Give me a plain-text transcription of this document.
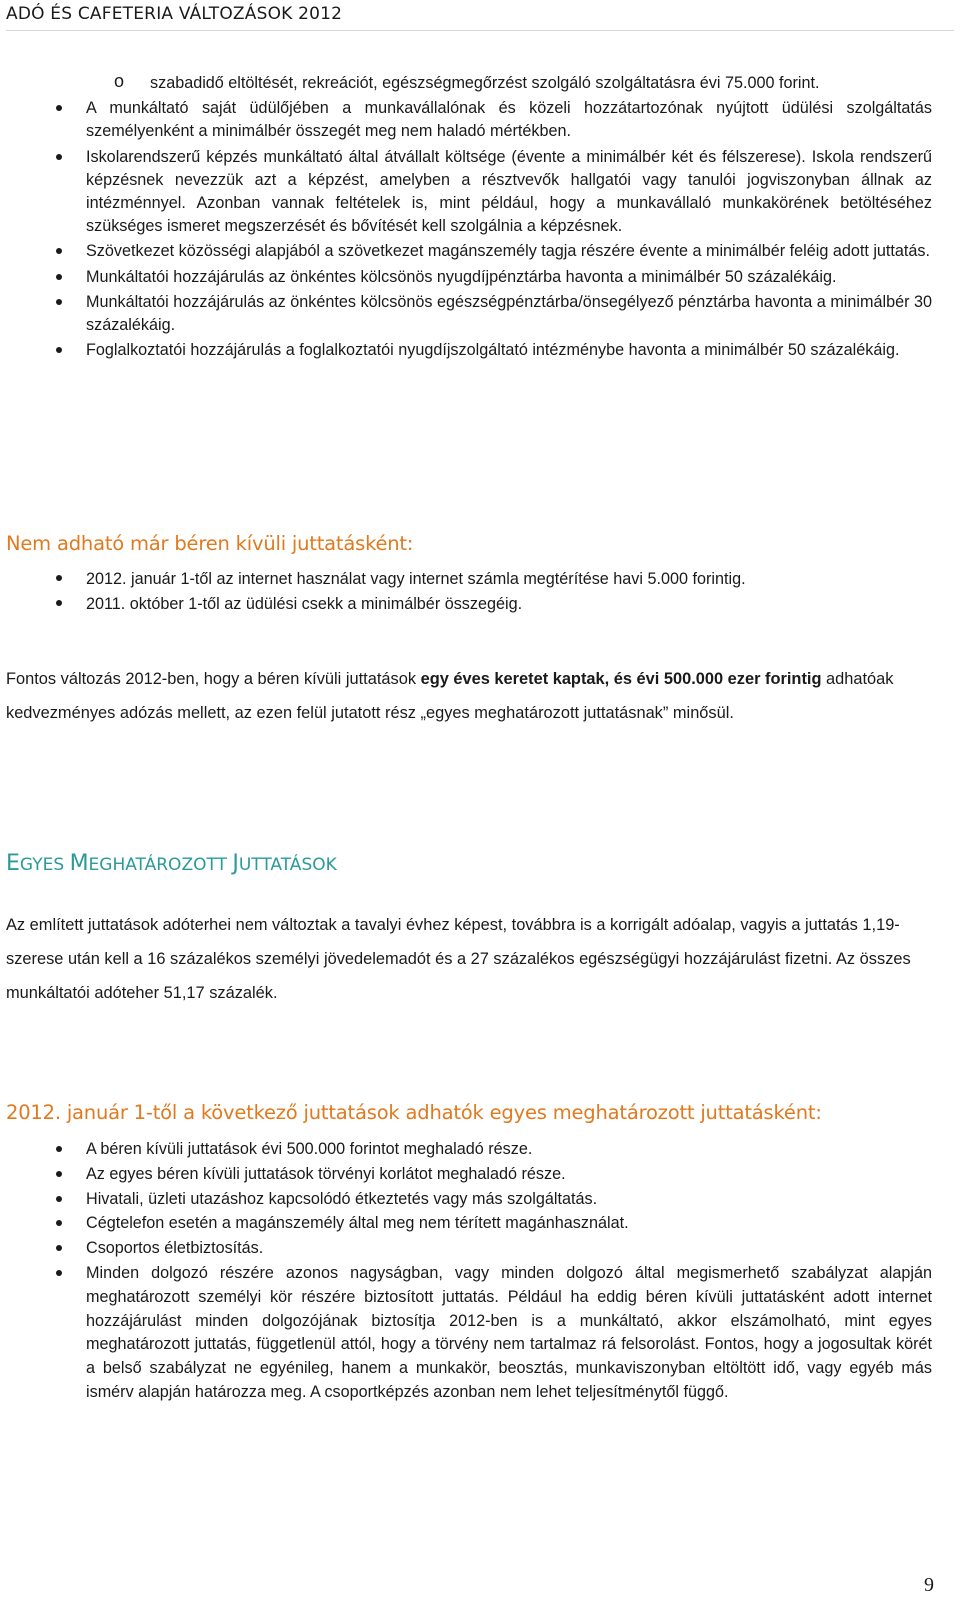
ADÓ ÉS CAFETERIA VÁLTOZÁSOK 2012
o szabadidő eltöltését, rekreációt, egészségmegőrzést szolgáló szolgáltatásra évi 75.000 forint.
A munkáltató saját üdülőjében a munkavállalónak és közeli hozzátartozónak nyújtott üdülési szolgáltatás személyenként a minimálbér összegét meg nem haladó mértékben.
Iskolarendszerű képzés munkáltató által átvállalt költsége (évente a minimálbér két és félszerese). Iskola rendszerű képzésnek nevezzük azt a képzést, amelyben a résztvevők hallgatói vagy tanulói jogviszonyban állnak az intézménnyel. Azonban vannak feltételek is, mint például, hogy a munkavállaló munkakörének betöltéséhez szükséges ismeret megszerzését és bővítését kell szolgálnia a képzésnek.
Szövetkezet közösségi alapjából a szövetkezet magánszemély tagja részére évente a minimálbér feléig adott juttatás.
Munkáltatói hozzájárulás az önkéntes kölcsönös nyugdíjpénztárba havonta a minimálbér 50 százalékáig.
Munkáltatói hozzájárulás az önkéntes kölcsönös egészségpénztárba/önsegélyező pénztárba havonta a minimálbér 30 százalékáig.
Foglalkoztatói hozzájárulás a foglalkoztatói nyugdíjszolgáltató intézménybe havonta a minimálbér 50 százalékáig.
Nem adható már béren kívüli juttatásként:
2012. január 1-től az internet használat vagy internet számla megtérítése havi 5.000 forintig.
2011. október 1-től az üdülési csekk a minimálbér összegéig.
Fontos változás 2012-ben, hogy a béren kívüli juttatások egy éves keretet kaptak, és évi 500.000 ezer forintig adhatóak kedvezményes adózás mellett, az ezen felül jutatott rész „egyes meghatározott juttatásnak” minősül.
EGYES MEGHATÁROZOTT JUTTATÁSOK
Az említett juttatások adóterhei nem változtak a tavalyi évhez képest, továbbra is a korrigált adóalap, vagyis a juttatás 1,19-szerese után kell a 16 százalékos személyi jövedelemadót és a 27 százalékos egészségügyi hozzájárulást fizetni. Az összes munkáltatói adóteher 51,17 százalék.
2012. január 1-től a következő juttatások adhatók egyes meghatározott juttatásként:
A béren kívüli juttatások évi 500.000 forintot meghaladó része.
Az egyes béren kívüli juttatások törvényi korlátot meghaladó része.
Hivatali, üzleti utazáshoz kapcsolódó étkeztetés vagy más szolgáltatás.
Cégtelefon esetén a magánszemély által meg nem térített magánhasználat.
Csoportos életbiztosítás.
Minden dolgozó részére azonos nagyságban, vagy minden dolgozó által megismerhető szabályzat alapján meghatározott személyi kör részére biztosított juttatás. Például ha eddig béren kívüli juttatásként adott internet hozzájárulást minden dolgozójának biztosítja 2012-ben is a munkáltató, akkor elszámolható, mint egyes meghatározott juttatás, függetlenül attól, hogy a törvény nem tartalmaz rá felsorolást. Fontos, hogy a jogosultak körét a belső szabályzat ne egyénileg, hanem a munkakör, beosztás, munkaviszonyban eltöltött idő, vagy egyéb más ismérv alapján határozza meg. A csoportképzés azonban nem lehet teljesítménytől függő.
9
